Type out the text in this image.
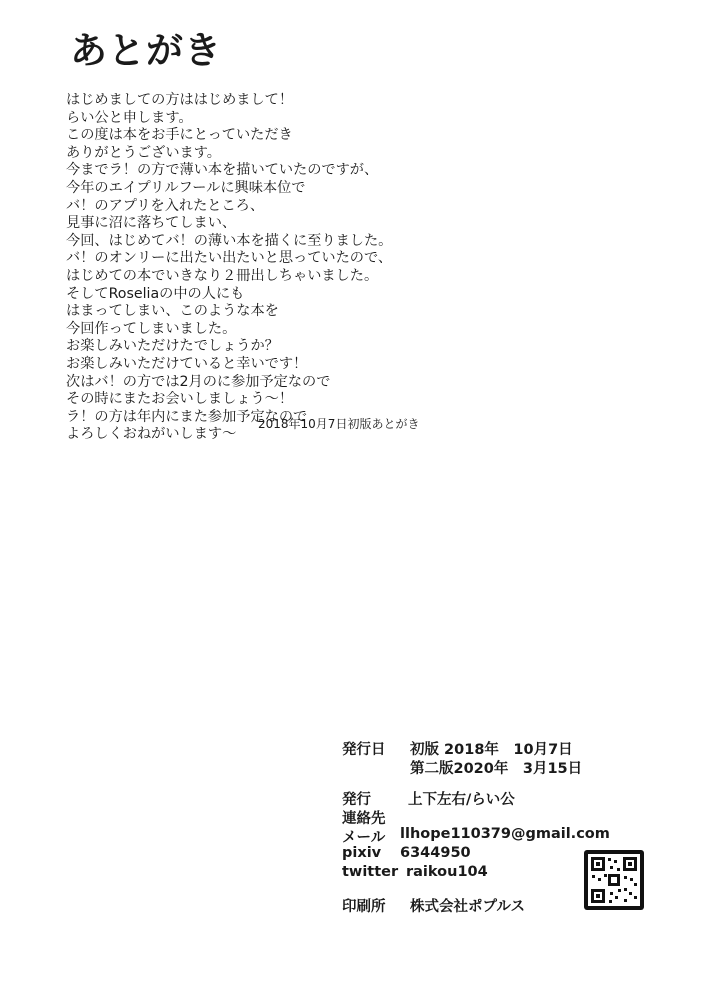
あとがき
はじめましての方ははじめまして！
らい公と申します。
この度は本をお手にとっていただき
ありがとうございます。
今までラ！の方で薄い本を描いていたのですが、
今年のエイプリルフールに興味本位で
バ！のアプリを入れたところ、
見事に沼に落ちてしまい、
今回、はじめてバ！の薄い本を描くに至りました。
バ！のオンリーに出たい出たいと思っていたので、
はじめての本でいきなり２冊出しちゃいました。
そしてRoseliaの中の人にも
はまってしまい、このような本を
今回作ってしまいました。
お楽しみいただけたでしょうか？
お楽しみいただけていると幸いです！
次はバ！の方では2月のに参加予定なので
その時にまたお会いしましょう〜！
ラ！の方は年内にまた参加予定なので
よろしくおねがいします〜
2018年10月7日初版あとがき
発行日 初版 2018年　10月7日
第二版2020年　3月15日
発行	上下左右/らい公
連絡先
メール llhope110379@gmail.com
pixiv 6344950
twitter raikou104
印刷所 株式会社ポプルス
